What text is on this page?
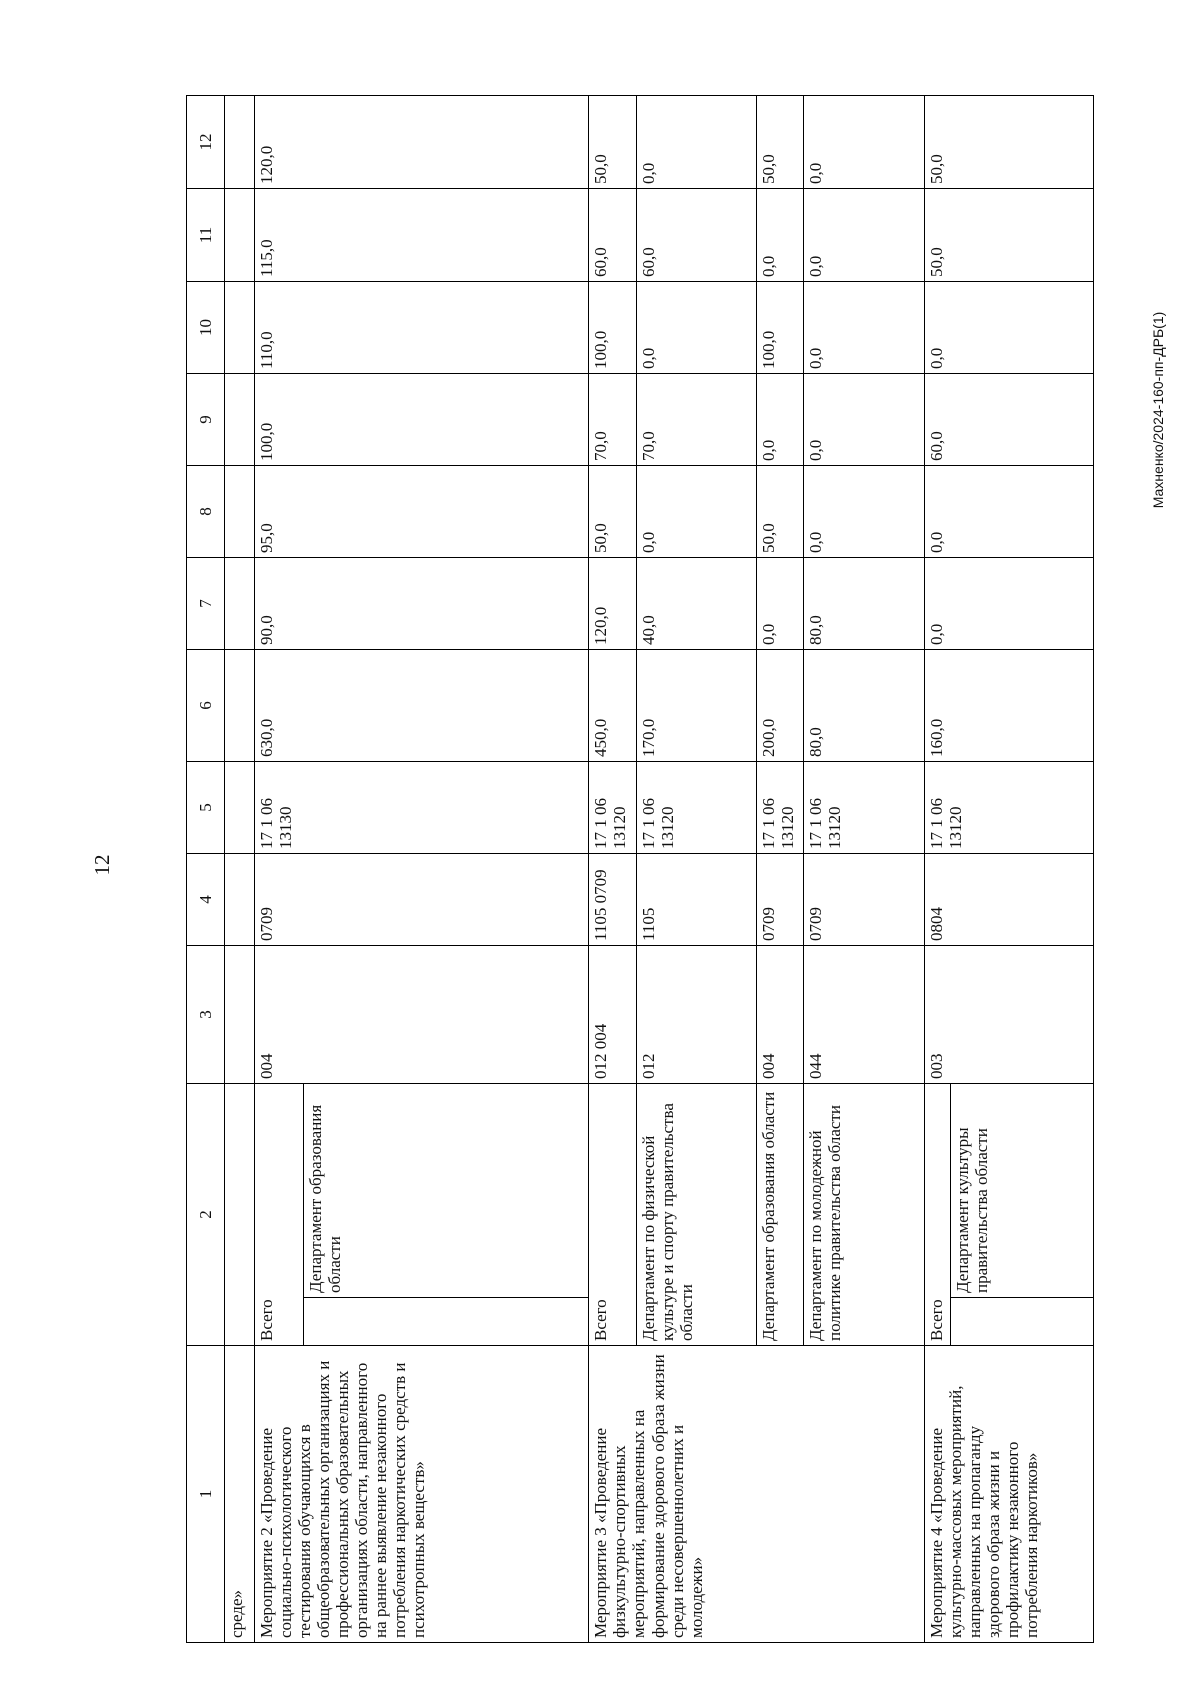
12
Махненко/2024-160-пп-ДРБ(1)
1	2		3	4	5	6	7	8	9	10	11	12
среде»												
Мероприятие 2 «Проведение социально-психологического тестирования обучающихся в общеобразовательных организациях и профессиональных образовательных организациях области, направленного на раннее выявление незаконного потребления наркотических средств и психотропных веществ»	Всего		004	0709	17 1 06 13130	630,0	90,0	95,0	100,0	110,0	115,0	120,0
		Департамент образования области										
Мероприятие 3 «Проведение физкультурно-спортивных мероприятий, направленных на формирование здорового образа жизни среди несовершеннолетних и молодежи»	Всего		012 004	1105 0709	17 1 06 13120	450,0	120,0	50,0	70,0	100,0	60,0	50,0
	Департамент по физической культуре и спорту правительства области		012	1105	17 1 06 13120	170,0	40,0	0,0	70,0	0,0	60,0	0,0
	Департамент образования области		004	0709	17 1 06 13120	200,0	0,0	50,0	0,0	100,0	0,0	50,0
	Департамент по молодежной политике правительства области		044	0709	17 1 06 13120	80,0	80,0	0,0	0,0	0,0	0,0	0,0
Мероприятие 4 «Проведение культурно-массовых мероприятий, направленных на пропаганду здорового образа жизни и профилактику незаконного потребления наркотиков»	Всего		003	0804	17 1 06 13120	160,0	0,0	0,0	60,0	0,0	50,0	50,0
		Департамент культуры правительства области										
